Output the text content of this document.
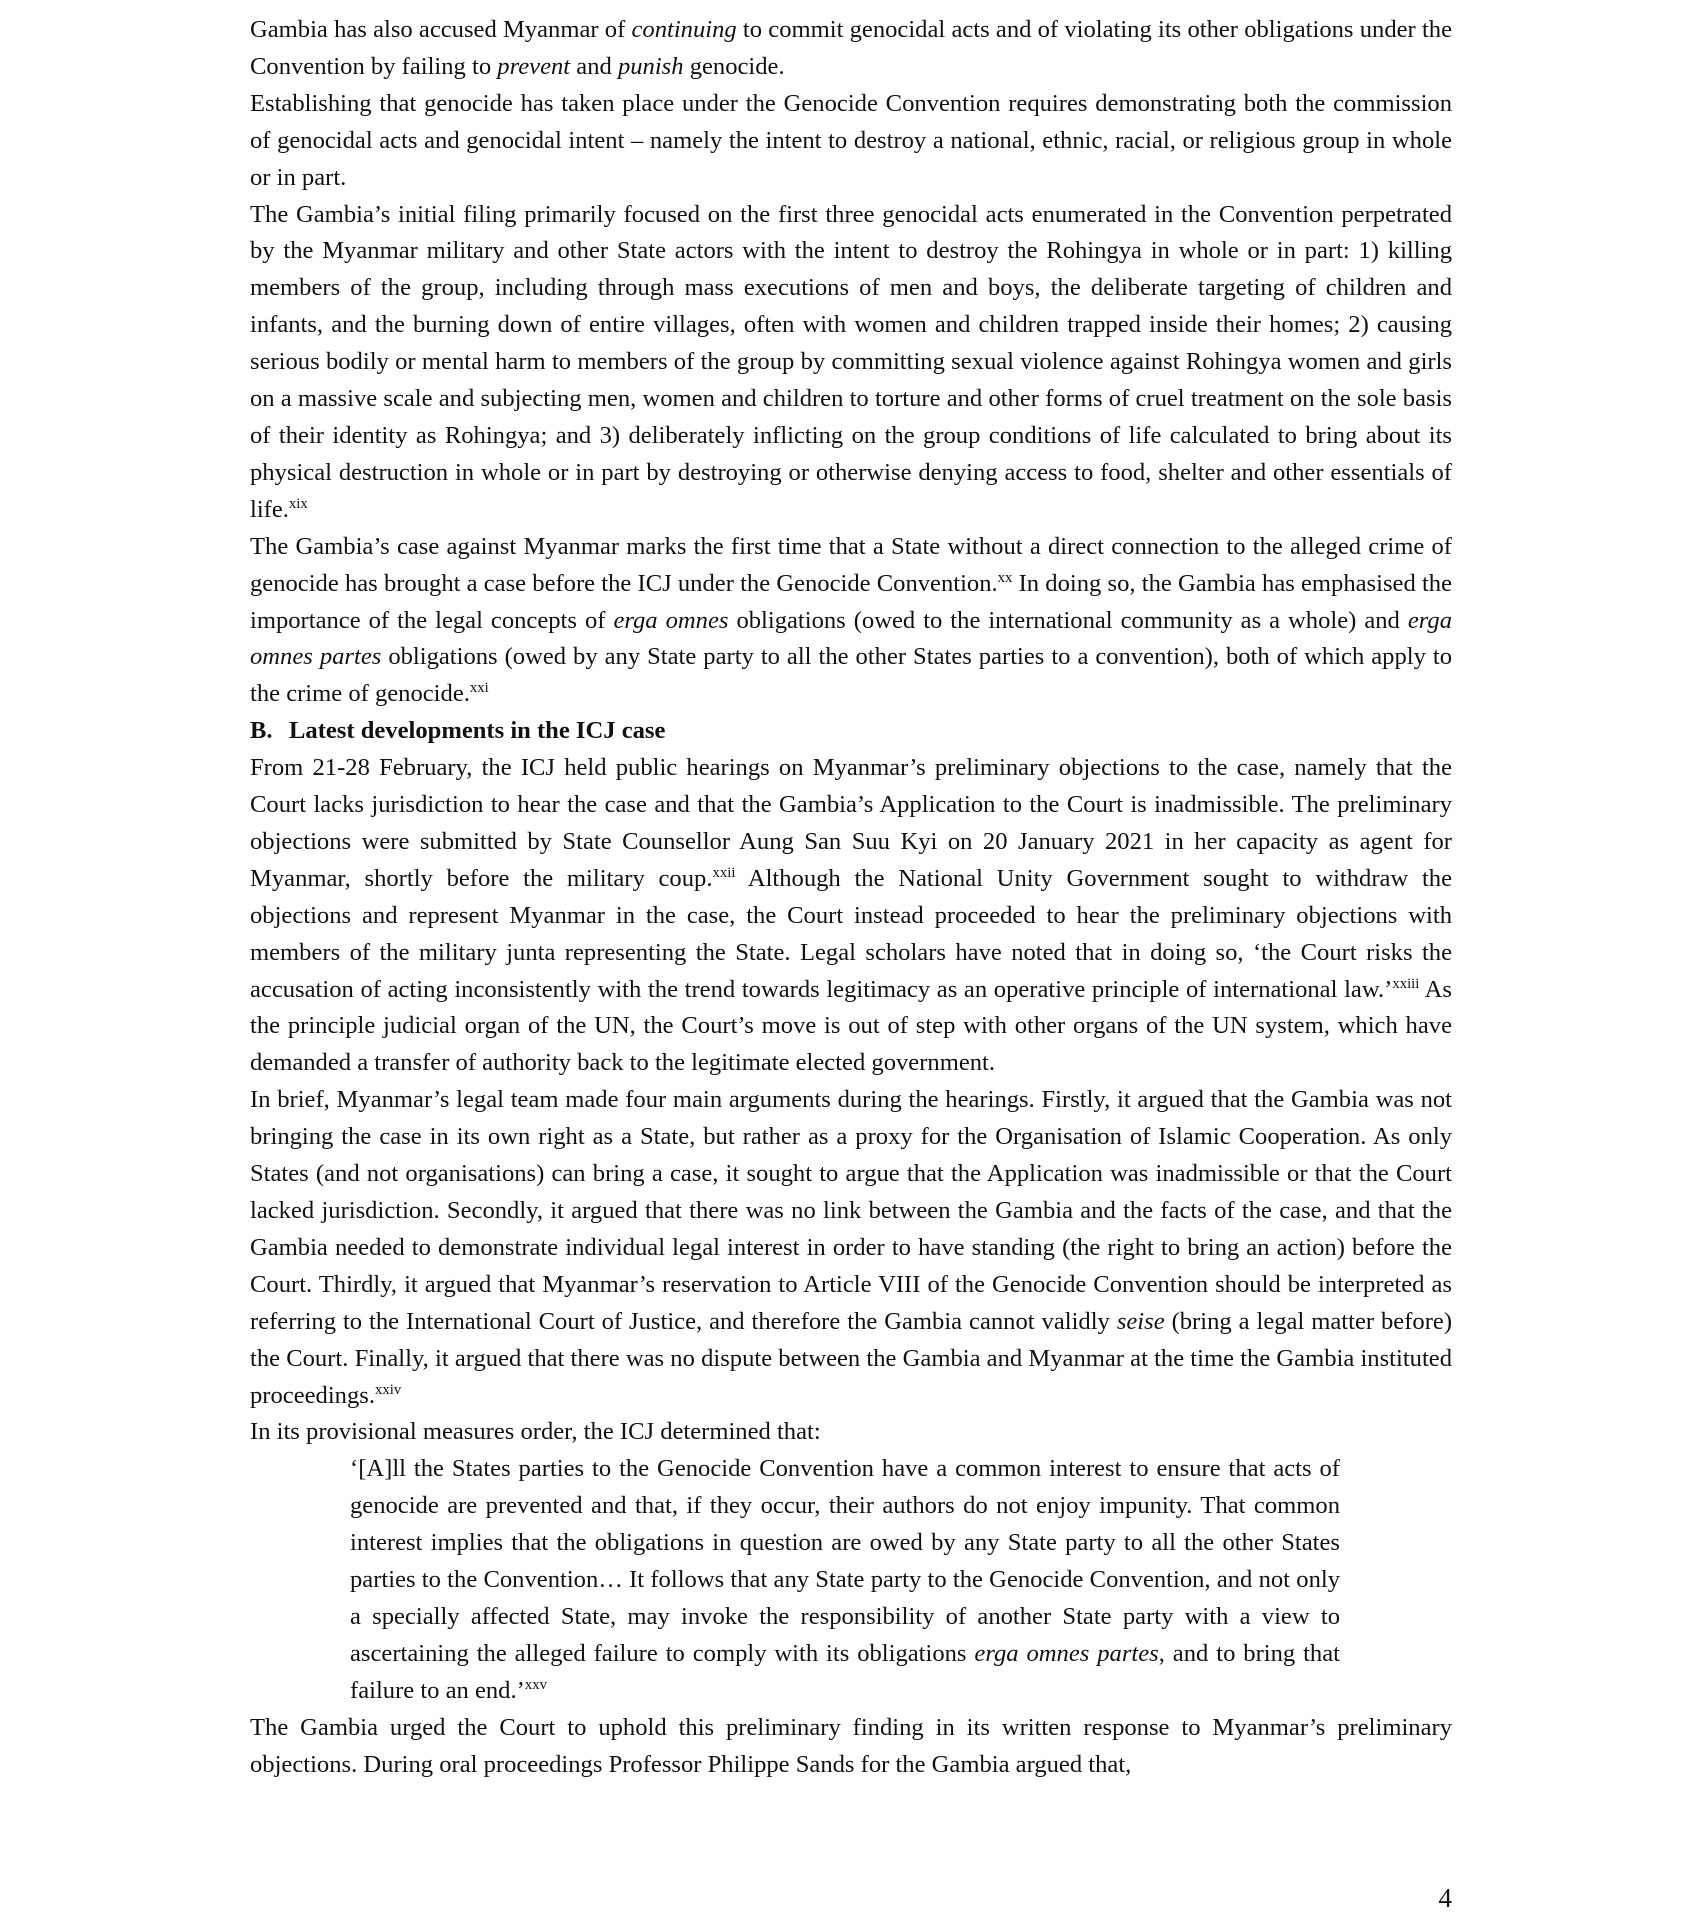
Gambia has also accused Myanmar of continuing to commit genocidal acts and of violating its other obligations under the Convention by failing to prevent and punish genocide.

Establishing that genocide has taken place under the Genocide Convention requires demonstrating both the commission of genocidal acts and genocidal intent – namely the intent to destroy a national, ethnic, racial, or religious group in whole or in part.

The Gambia’s initial filing primarily focused on the first three genocidal acts enumerated in the Convention perpetrated by the Myanmar military and other State actors with the intent to destroy the Rohingya in whole or in part: 1) killing members of the group, including through mass executions of men and boys, the deliberate targeting of children and infants, and the burning down of entire villages, often with women and children trapped inside their homes; 2) causing serious bodily or mental harm to members of the group by committing sexual violence against Rohingya women and girls on a massive scale and subjecting men, women and children to torture and other forms of cruel treatment on the sole basis of their identity as Rohingya; and 3) deliberately inflicting on the group conditions of life calculated to bring about its physical destruction in whole or in part by destroying or otherwise denying access to food, shelter and other essentials of life.$^{xix}$

The Gambia’s case against Myanmar marks the first time that a State without a direct connection to the alleged crime of genocide has brought a case before the ICJ under the Genocide Convention.$^{xx}$ In doing so, the Gambia has emphasised the importance of the legal concepts of erga omnes obligations (owed to the international community as a whole) and erga omnes partes obligations (owed by any State party to all the other States parties to a convention), both of which apply to the crime of genocide.$^{xxi}$

B. Latest developments in the ICJ case

From 21-28 February, the ICJ held public hearings on Myanmar’s preliminary objections to the case, namely that the Court lacks jurisdiction to hear the case and that the Gambia’s Application to the Court is inadmissible. The preliminary objections were submitted by State Counsellor Aung San Suu Kyi on 20 January 2021 in her capacity as agent for Myanmar, shortly before the military coup.$^{xxii}$ Although the National Unity Government sought to withdraw the objections and represent Myanmar in the case, the Court instead proceeded to hear the preliminary objections with members of the military junta representing the State. Legal scholars have noted that in doing so, ‘the Court risks the accusation of acting inconsistently with the trend towards legitimacy as an operative principle of international law.’$^{xxiii}$ As the principle judicial organ of the UN, the Court’s move is out of step with other organs of the UN system, which have demanded a transfer of authority back to the legitimate elected government.

In brief, Myanmar’s legal team made four main arguments during the hearings. Firstly, it argued that the Gambia was not bringing the case in its own right as a State, but rather as a proxy for the Organisation of Islamic Cooperation. As only States (and not organisations) can bring a case, it sought to argue that the Application was inadmissible or that the Court lacked jurisdiction. Secondly, it argued that there was no link between the Gambia and the facts of the case, and that the Gambia needed to demonstrate individual legal interest in order to have standing (the right to bring an action) before the Court. Thirdly, it argued that Myanmar’s reservation to Article VIII of the Genocide Convention should be interpreted as referring to the International Court of Justice, and therefore the Gambia cannot validly seise (bring a legal matter before) the Court. Finally, it argued that there was no dispute between the Gambia and Myanmar at the time the Gambia instituted proceedings.$^{xxiv}$

In its provisional measures order, the ICJ determined that:

‘[A]ll the States parties to the Genocide Convention have a common interest to ensure that acts of genocide are prevented and that, if they occur, their authors do not enjoy impunity. That common interest implies that the obligations in question are owed by any State party to all the other States parties to the Convention… It follows that any State party to the Genocide Convention, and not only a specially affected State, may invoke the responsibility of another State party with a view to ascertaining the alleged failure to comply with its obligations erga omnes partes, and to bring that failure to an end.’$^{xxv}$

The Gambia urged the Court to uphold this preliminary finding in its written response to Myanmar’s preliminary objections. During oral proceedings Professor Philippe Sands for the Gambia argued that,

4
